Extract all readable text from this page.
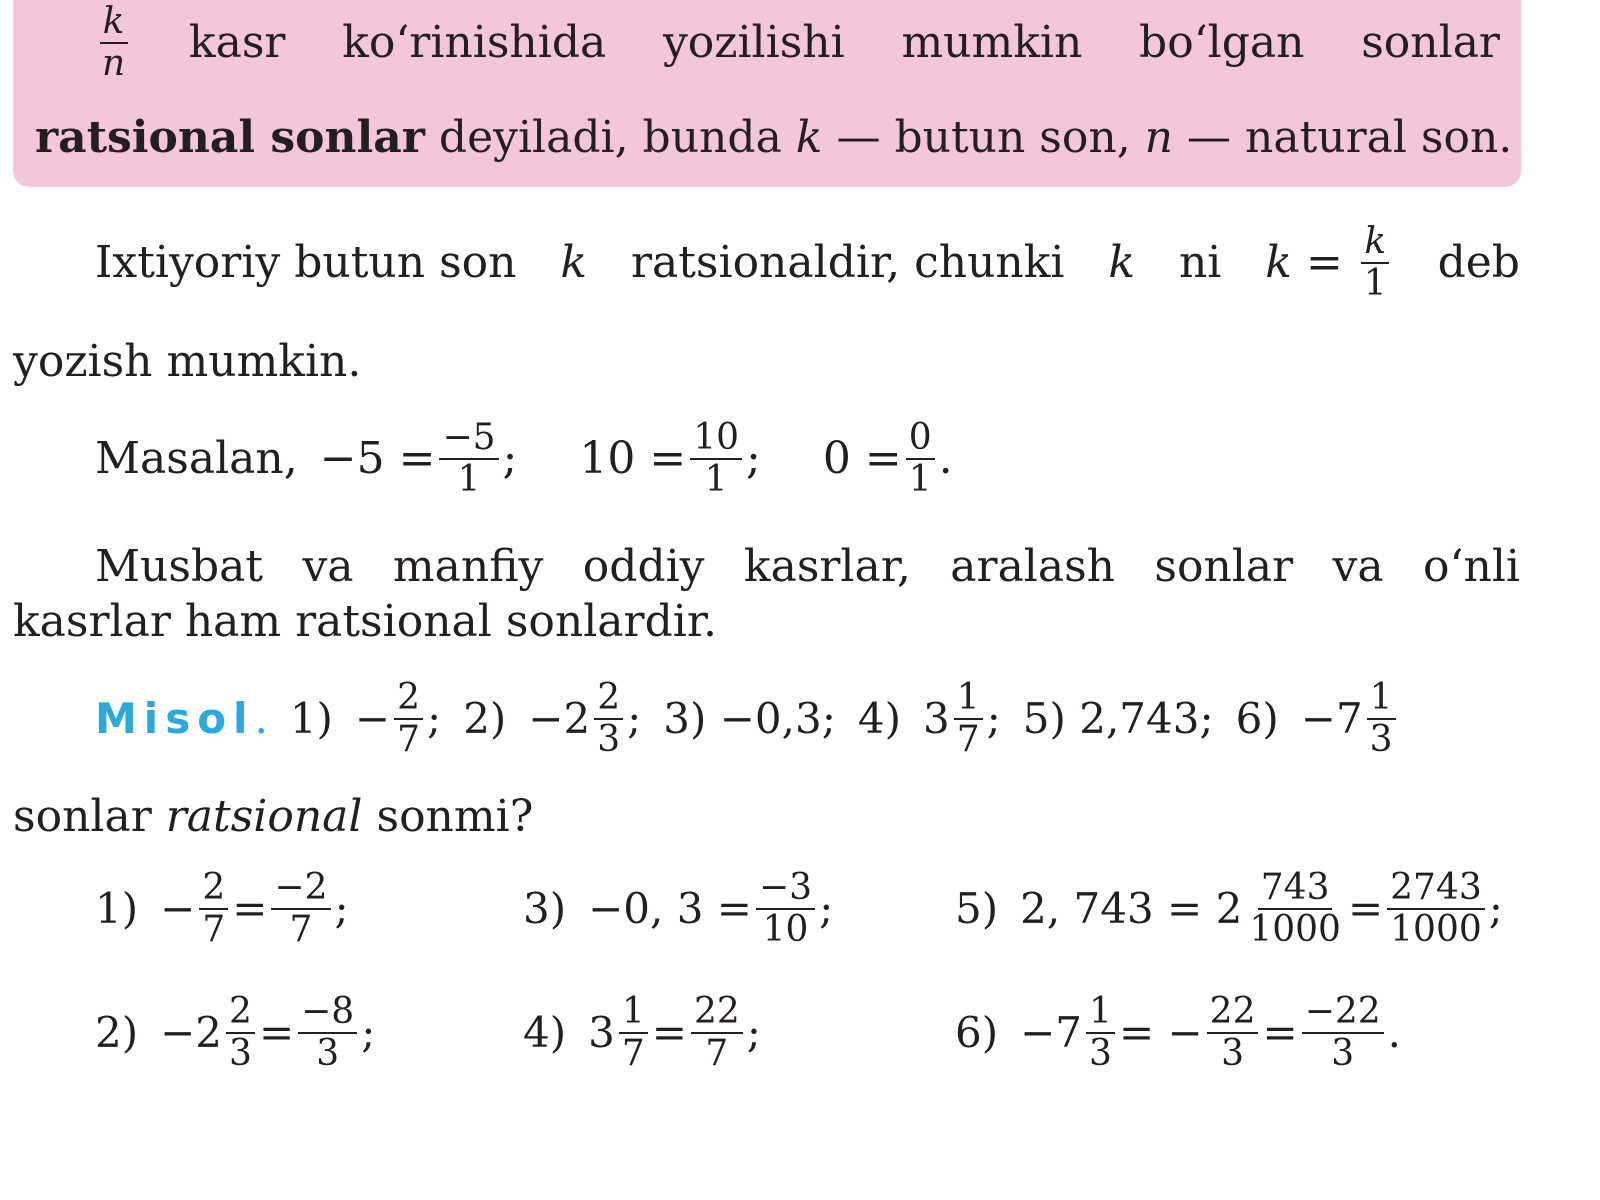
$\frac{k}{n}$ kasr ko‘rinishida yozilishi mumkin bo‘lgan sonlar
ratsional sonlar deyiladi, bunda k — butun son, n — natural son.
Ixtiyoriy butun son k ratsionaldir, chunki k ni $k = \frac{k}{1}$ deb
yozish mumkin.
Masalan, $-5 = \frac{-5}{1}$ ; $10 = \frac{10}{1}$ ; $0 = \frac{0}{1}$ .
Musbat va manfiy oddiy kasrlar, aralash sonlar va o‘nli
kasrlar ham ratsional sonlardir.
Misol . $1) - \frac{2}{7}$ ; $2) -2 \frac{2}{3}$ ; 3) −0,3; 4) $3 \frac{1}{7}$ ; 5) 2,743; $6) -7 \frac{1}{3}$
sonlar ratsional sonmi?
$1) - \frac{2}{7} = \frac{-2}{7}$ ;	3) −0, $3 = \frac{-3}{10}$ ;	5) 2, $743 = 2 \frac{743}{1000} = \frac{2743}{1000}$ ;
$2) -2 \frac{2}{3} = \frac{-8}{3}$ ;	4) $3 \frac{1}{7} = \frac{22}{7}$ ;	$6) -7 \frac{1}{3}$ = − $\frac{22}{3} = \frac{-22}{3}$ .
